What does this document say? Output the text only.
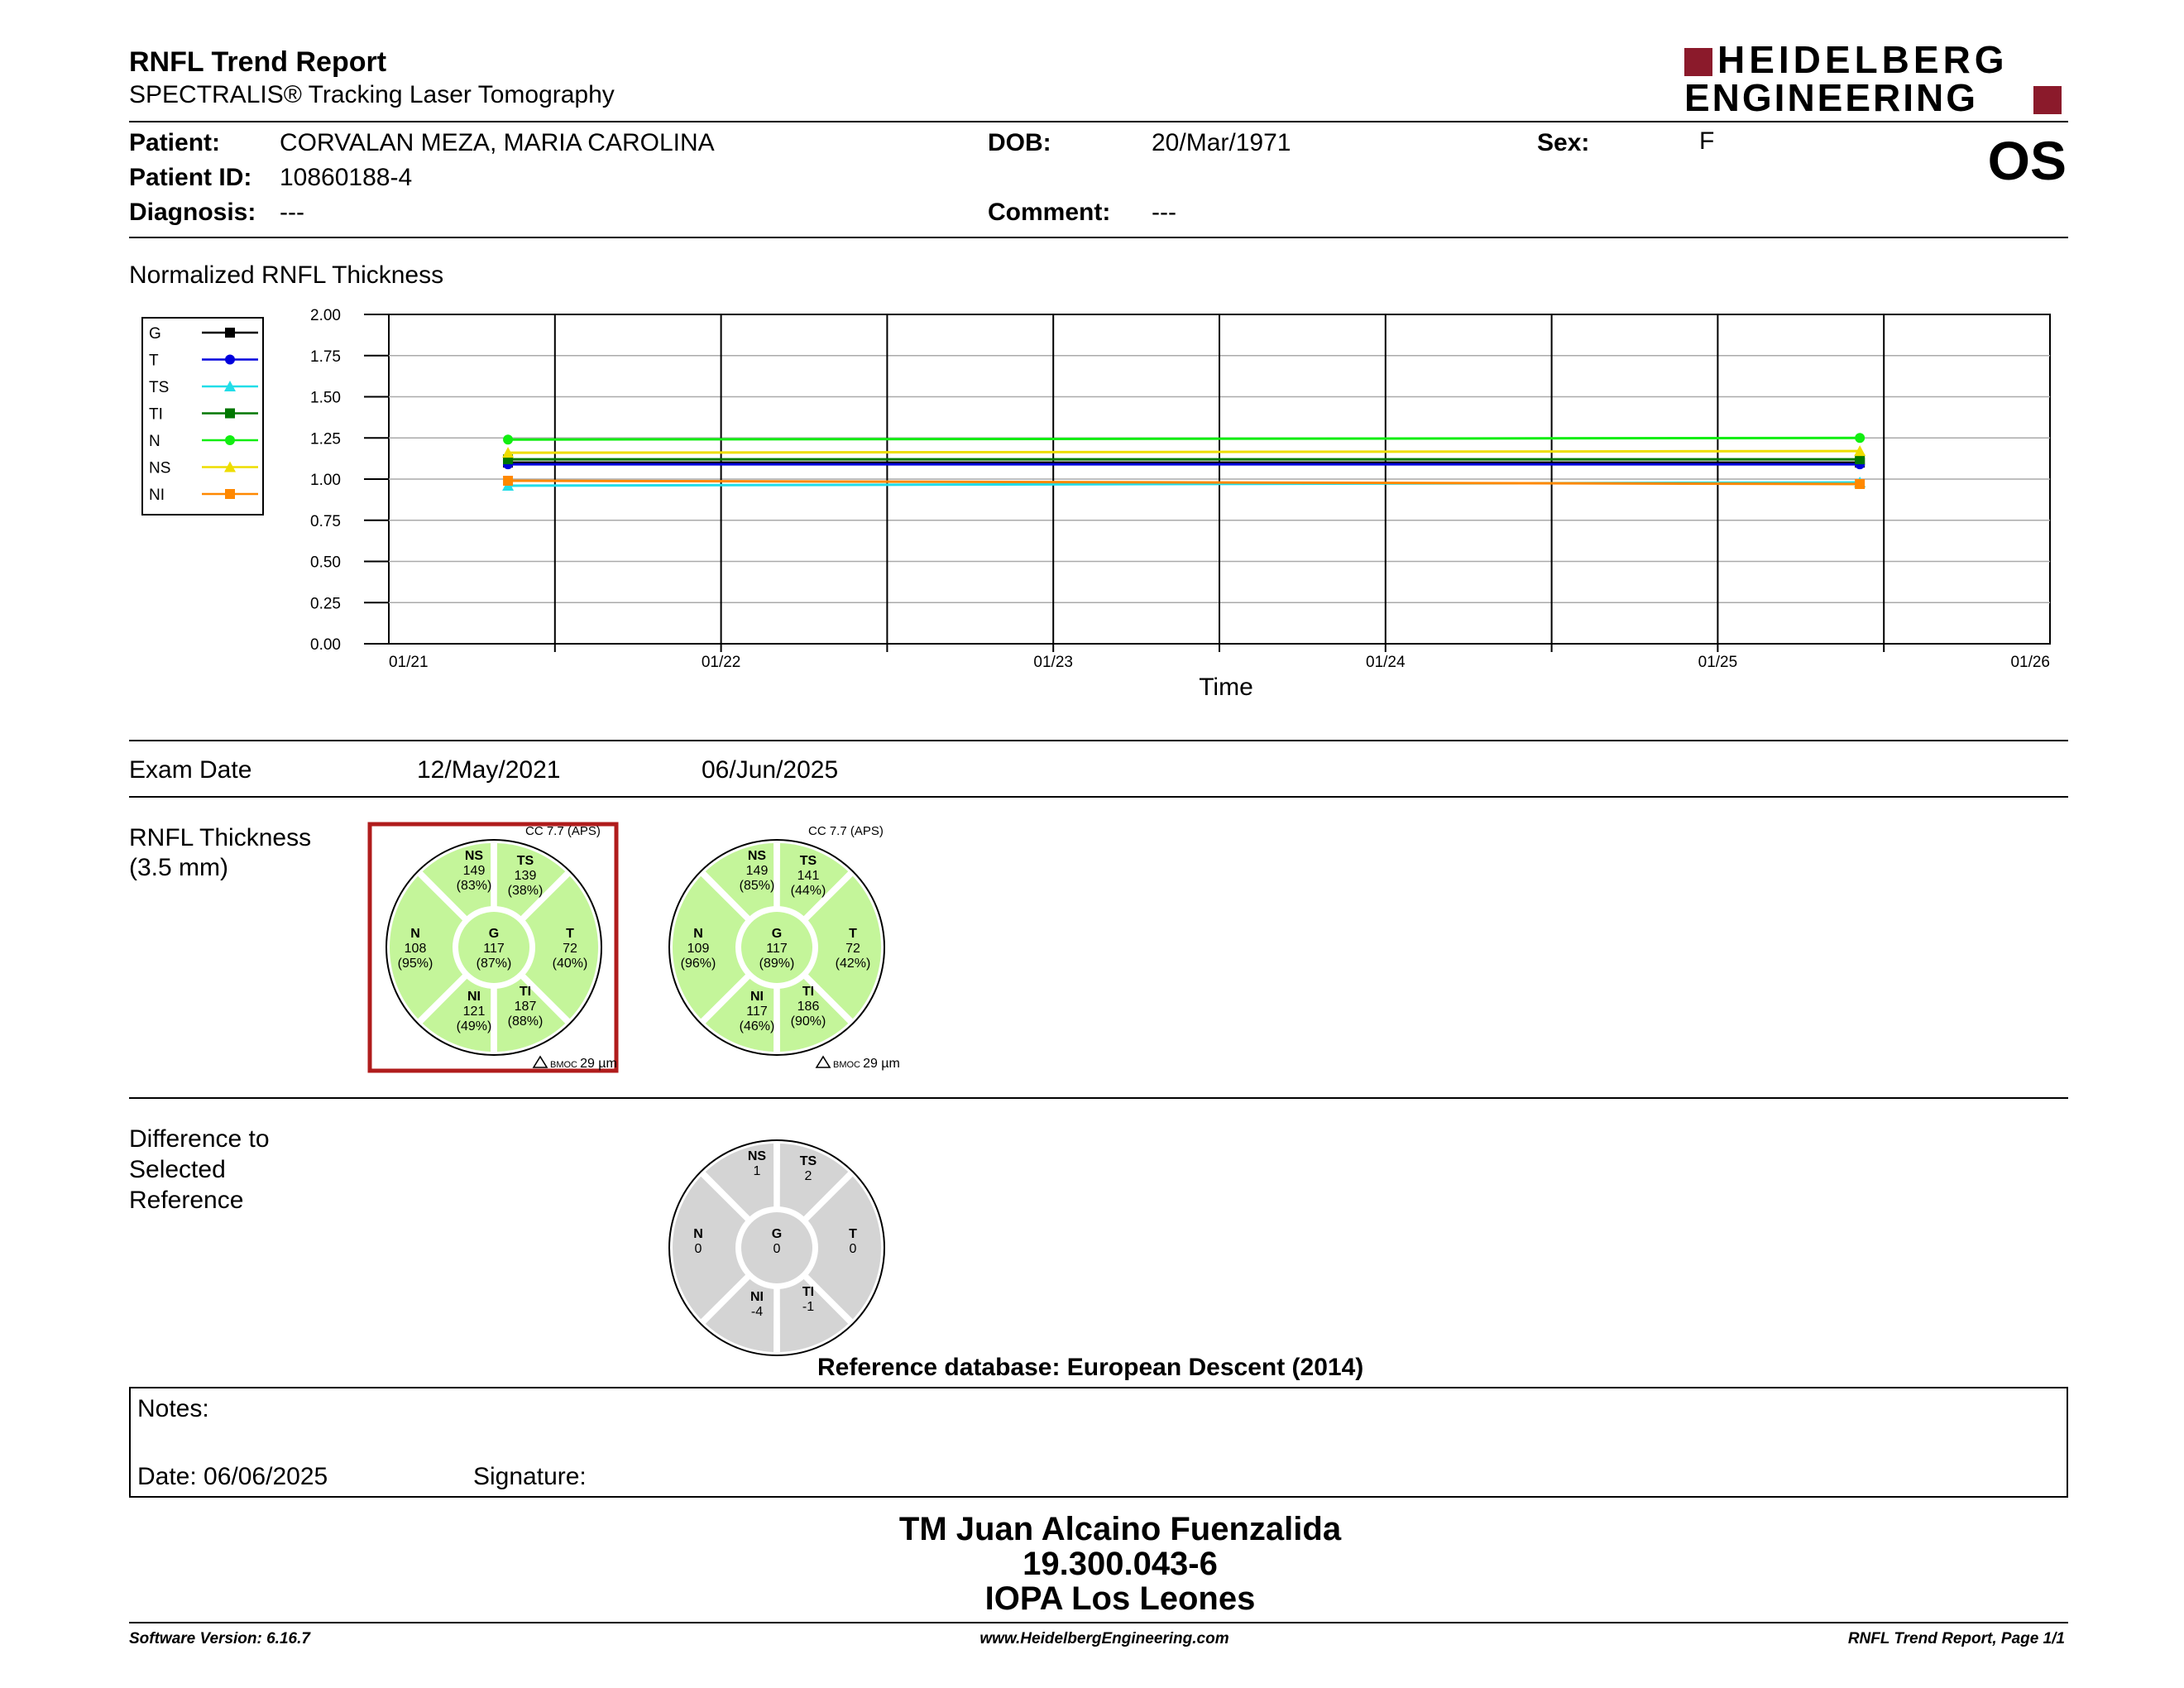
RNFL Trend Report
SPECTRALIS® Tracking Laser Tomography
HEIDELBERG
ENGINEERING
OS
Patient: CORVALAN MEZA, MARIA CAROLINA
Patient ID: 10860188-4
Diagnosis: ---
DOB:	20/Mar/1971
Comment: ---
Sex:	F
Normalized RNFL Thickness
G
T
TS
TI
N
NS
NI
0.00
0.25
0.50
0.75
1.00
1.25
1.50
1.75
2.00
01/21	01/22	01/23	01/24	01/25	01/26
Time
Exam Date	12/May/2021	06/Jun/2025
RNFL Thickness
(3.5 mm)	NS
149
(83%)
TS
139
(38%)
N
108
(95%)
G
117
(87%)
T
72
(40%)
NI
121
(49%)
TI
187
(88%)
CC 7.7 (APS)
BMOC 29 µm
NS
149
(85%)
TS
141
(44%)
N
109
(96%)
G
117
(89%)
T
72
(42%)
NI
117
(46%)
TI
186
(90%)
CC 7.7 (APS)
BMOC 29 µm
NS
1
TS
2
N
0
G
0
T
0
NI
-4
TI
-1
Difference to
Selected
Reference
Reference database: European Descent (2014)
Notes:
Date: 06/06/2025	Signature:
TM Juan Alcaino Fuenzalida
19.300.043-6
IOPA Los Leones
Software Version: 6.16.7	www.HeidelbergEngineering.com	RNFL Trend Report, Page 1/1
